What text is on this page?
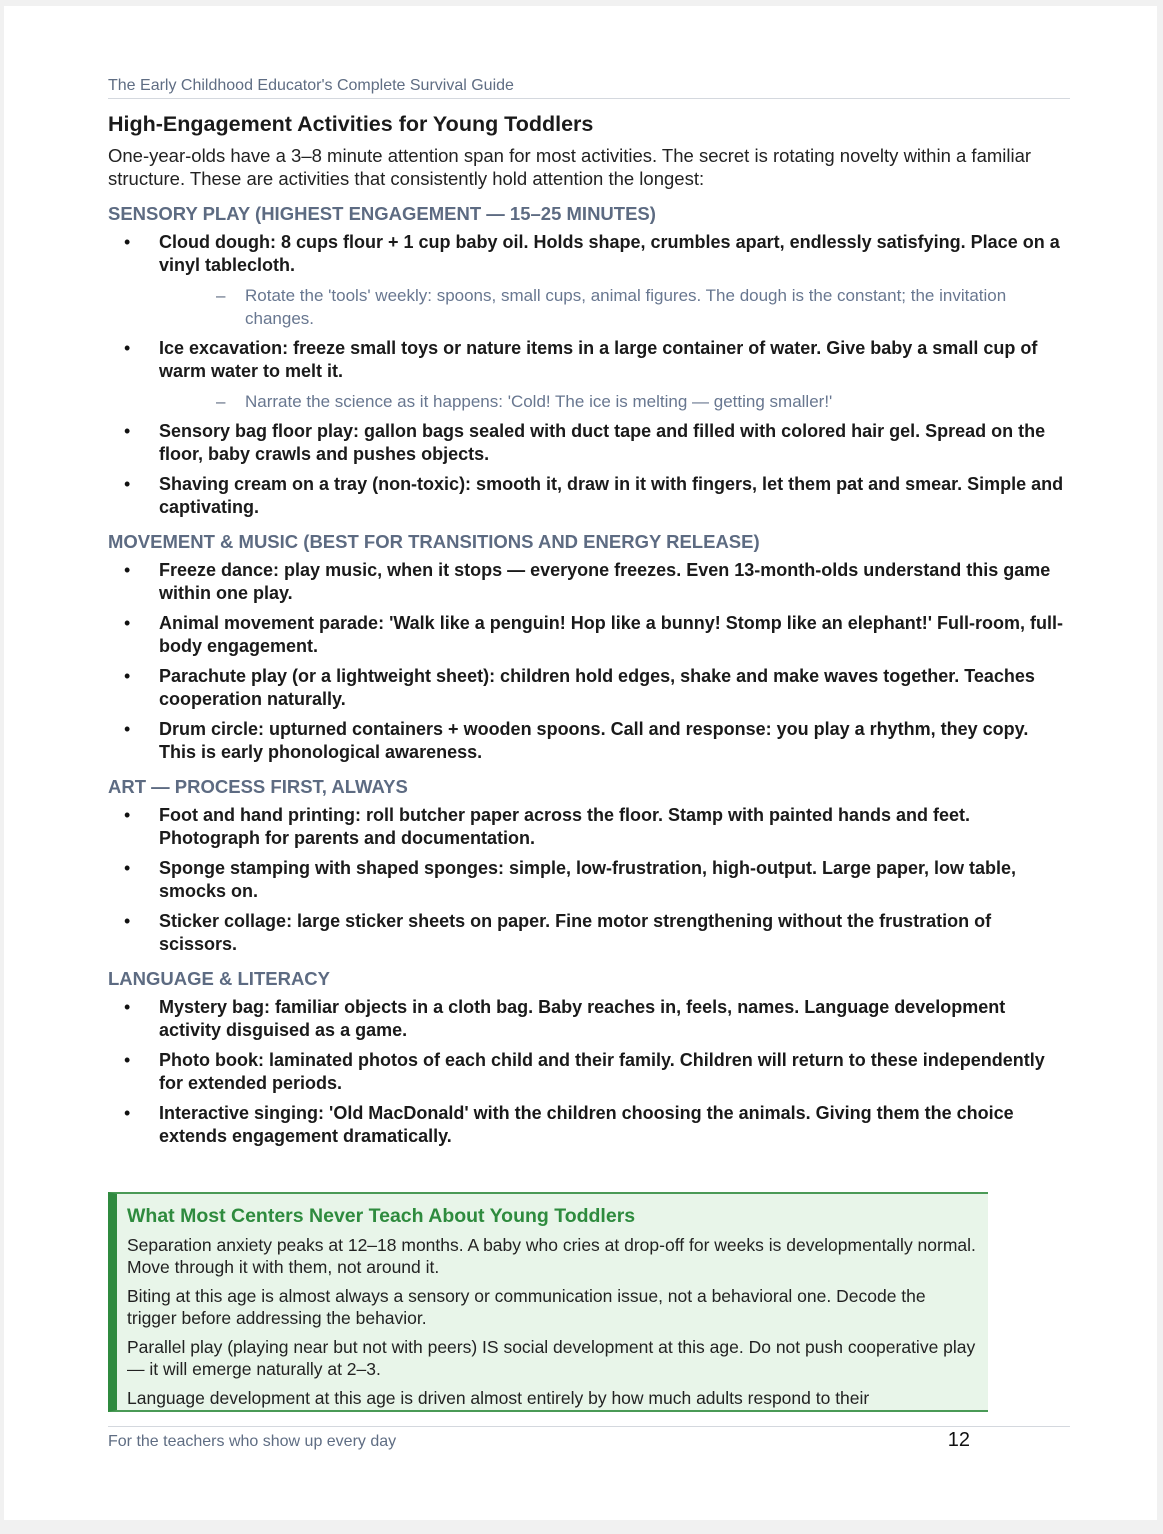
The Early Childhood Educator's Complete Survival Guide
High-Engagement Activities for Young Toddlers

One-year-olds have a 3–8 minute attention span for most activities. The secret is rotating novelty within a familiar structure. These are activities that consistently hold attention the longest:

SENSORY PLAY (HIGHEST ENGAGEMENT — 15–25 MINUTES)
• Cloud dough: 8 cups flour + 1 cup baby oil. Holds shape, crumbles apart, endlessly satisfying. Place on a vinyl tablecloth.
– Rotate the 'tools' weekly: spoons, small cups, animal figures. The dough is the constant; the invitation changes.
• Ice excavation: freeze small toys or nature items in a large container of water. Give baby a small cup of warm water to melt it.
– Narrate the science as it happens: 'Cold! The ice is melting — getting smaller!'
• Sensory bag floor play: gallon bags sealed with duct tape and filled with colored hair gel. Spread on the floor, baby crawls and pushes objects.
• Shaving cream on a tray (non-toxic): smooth it, draw in it with fingers, let them pat and smear. Simple and captivating.
MOVEMENT & MUSIC (BEST FOR TRANSITIONS AND ENERGY RELEASE)
• Freeze dance: play music, when it stops — everyone freezes. Even 13-month-olds understand this game within one play.
• Animal movement parade: 'Walk like a penguin! Hop like a bunny! Stomp like an elephant!' Full-room, full-body engagement.
• Parachute play (or a lightweight sheet): children hold edges, shake and make waves together. Teaches cooperation naturally.
• Drum circle: upturned containers + wooden spoons. Call and response: you play a rhythm, they copy. This is early phonological awareness.
ART — PROCESS FIRST, ALWAYS
• Foot and hand printing: roll butcher paper across the floor. Stamp with painted hands and feet. Photograph for parents and documentation.
• Sponge stamping with shaped sponges: simple, low-frustration, high-output. Large paper, low table, smocks on.
• Sticker collage: large sticker sheets on paper. Fine motor strengthening without the frustration of scissors.
LANGUAGE & LITERACY
• Mystery bag: familiar objects in a cloth bag. Baby reaches in, feels, names. Language development activity disguised as a game.
• Photo book: laminated photos of each child and their family. Children will return to these independently for extended periods.
• Interactive singing: 'Old MacDonald' with the children choosing the animals. Giving them the choice extends engagement dramatically.
What Most Centers Never Teach About Young Toddlers

Separation anxiety peaks at 12–18 months. A baby who cries at drop-off for weeks is developmentally normal. Move through it with them, not around it.

Biting at this age is almost always a sensory or communication issue, not a behavioral one. Decode the trigger before addressing the behavior.

Parallel play (playing near but not with peers) IS social development at this age. Do not push cooperative play — it will emerge naturally at 2–3.

Language development at this age is driven almost entirely by how much adults respond to their

For the teachers who show up every day	12
